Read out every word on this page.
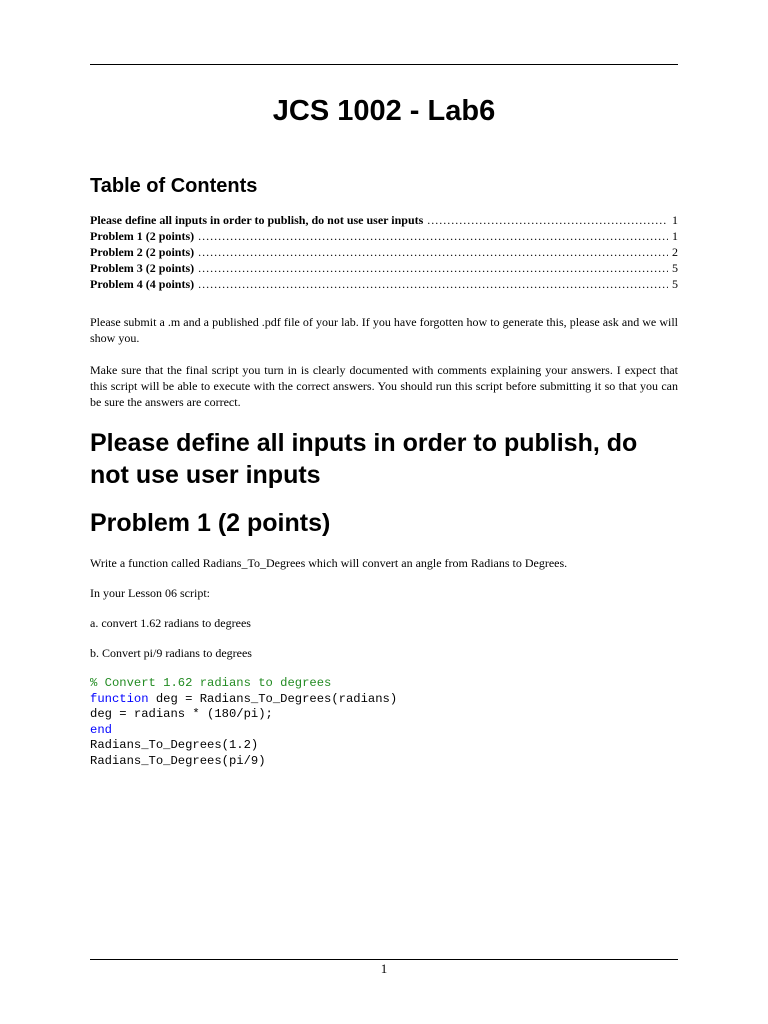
JCS 1002 - Lab6
Table of Contents
Please define all inputs in order to publish, do not use user inputs .....	1
Problem 1 (2 points) .....	1
Problem 2 (2 points) .....	2
Problem 3 (2 points) .....	5
Problem 4 (4 points) .....	5

Please submit a .m and a published .pdf file of your lab. If you have forgotten how to generate this, please ask and we will show you.

Make sure that the final script you turn in is clearly documented with comments explaining your answers. I expect that this script will be able to execute with the correct answers. You should run this script before submitting it so that you can be sure the answers are correct.

Please define all inputs in order to publish, do not use user inputs
Problem 1 (2 points)

Write a function called Radians_To_Degrees which will convert an angle from Radians to Degrees.

In your Lesson 06 script:

a. convert 1.62 radians to degrees

b. Convert pi/9 radians to degrees

% Convert 1.62 radians to degrees
function deg = Radians_To_Degrees(radians)
deg = radians * (180/pi);
end
Radians_To_Degrees(1.2)
Radians_To_Degrees(pi/9)
1
